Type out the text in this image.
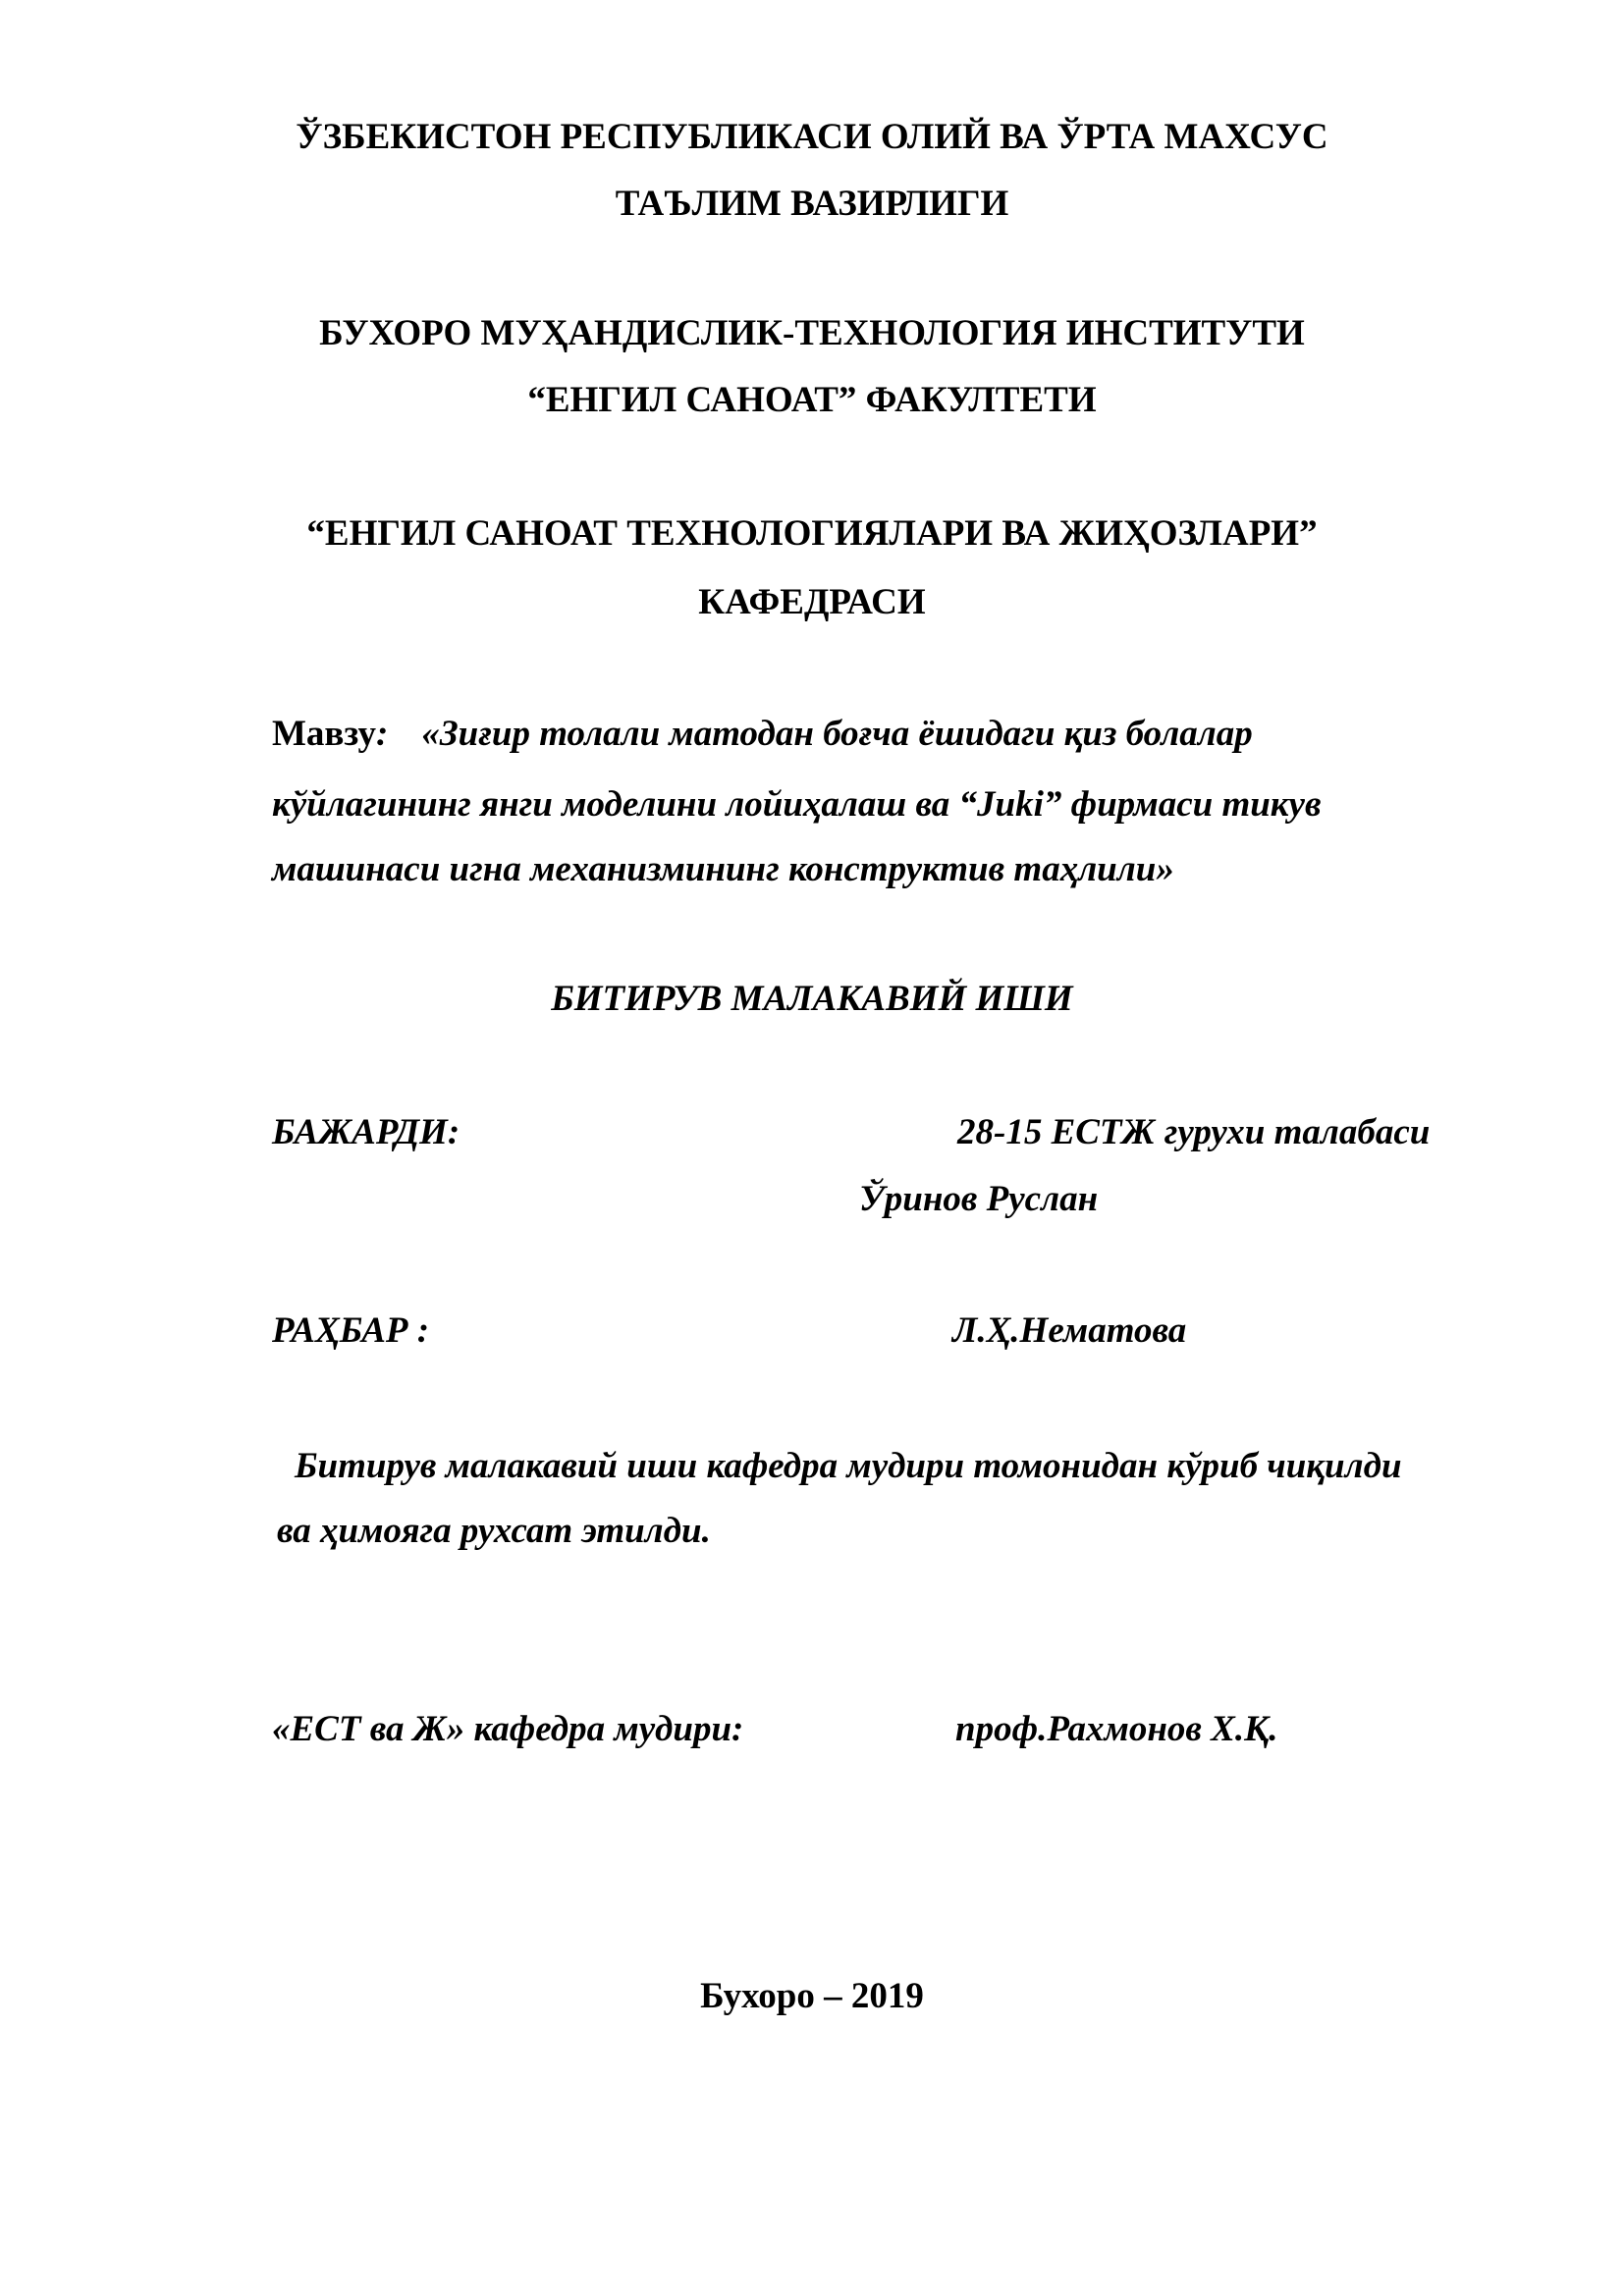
ЎЗБЕКИСТОН РЕСПУБЛИКАСИ ОЛИЙ ВА ЎРТА МАХСУС
ТАЪЛИМ ВАЗИРЛИГИ
БУХОРО МУҲАНДИСЛИК-ТЕХНОЛОГИЯ ИНСТИТУТИ
“ЕНГИЛ САНОАТ” ФАКУЛТЕТИ
“ЕНГИЛ САНОАТ ТЕХНОЛОГИЯЛАРИ ВА ЖИҲОЗЛАРИ”
КАФЕДРАСИ
Мавзу: «Зиғир толали матодан боғча ёшидаги қиз болалар
кўйлагининг янги моделини лойиҳалаш ва “Juki” фирмаси тикув
машинаси игна механизмининг конструктив таҳлили»
БИТИРУВ МАЛАКАВИЙ ИШИ
БАЖАРДИ:	28-15 ЕСТЖ гурухи талабаси
Ўринов Руслан
РАҲБАР :	Л.Ҳ.Нематова
Битирув малакавий иши кафедра мудири томонидан кўриб чиқилди
ва ҳимояга рухсат этилди.
«ЕСТ ва Ж» кафедра мудири:	проф.Рахмонов Х.Қ.
Бухоро – 2019
